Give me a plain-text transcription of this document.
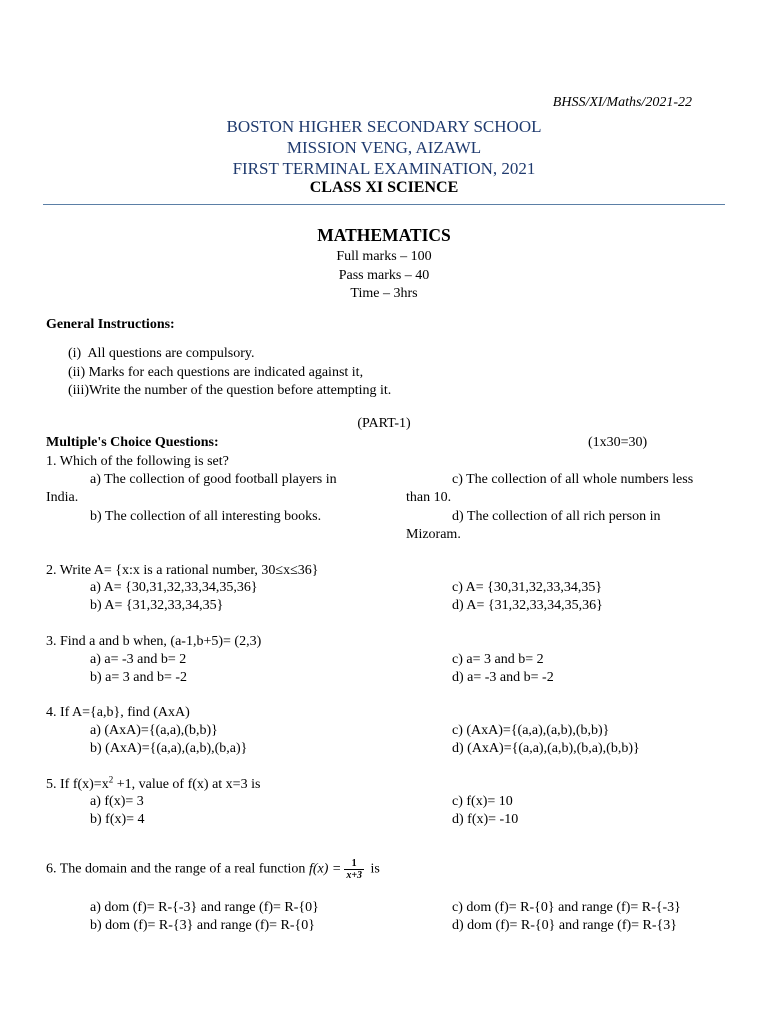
BHSS/XI/Maths/2021-22
BOSTON HIGHER SECONDARY SCHOOL
MISSION VENG, AIZAWL
FIRST TERMINAL EXAMINATION, 2021
CLASS XI SCIENCE
MATHEMATICS
Full marks – 100
Pass marks – 40
Time – 3hrs
General Instructions:
(i)  All questions are compulsory.
(ii) Marks for each questions are indicated against it,
(iii)Write the number of the question before attempting it.
(PART-1)
Multiple's Choice Questions:	(1x30=30)
1. Which of the following is set?
a) The collection of good football players in
India.
b) The collection of all interesting books.
c) The collection of all whole numbers less
than 10.
d) The collection of all rich person in
Mizoram.
2. Write A= {x:x is a rational number, 30≤x≤36}
a) A= {30,31,32,33,34,35,36}
b) A= {31,32,33,34,35}
c) A= {30,31,32,33,34,35}
d) A= {31,32,33,34,35,36}
3. Find a and b when, (a-1,b+5)= (2,3)
a) a= -3 and b= 2
b) a= 3 and b= -2
c) a= 3 and b= 2
d) a= -3 and b= -2
4. If A={a,b}, find (AxA)
a) (AxA)={(a,a),(b,b)}
b) (AxA)={(a,a),(a,b),(b,a)}
c) (AxA)={(a,a),(a,b),(b,b)}
d) (AxA)={(a,a),(a,b),(b,a),(b,b)}
5. If $f(x)=x^2 +1$, value of f(x) at x=3 is
a) f(x)= 3
b) f(x)= 4
c) f(x)= 10
d) f(x)= -10
6. The domain and the range of a real function $f(x) = \frac{1}{x+3}$ is
a) dom (f)= R-{-3} and range (f)= R-{0}
b) dom (f)= R-{3} and range (f)= R-{0}
c) dom (f)= R-{0} and range (f)= R-{-3}
d) dom (f)= R-{0} and range (f)= R-{3}
